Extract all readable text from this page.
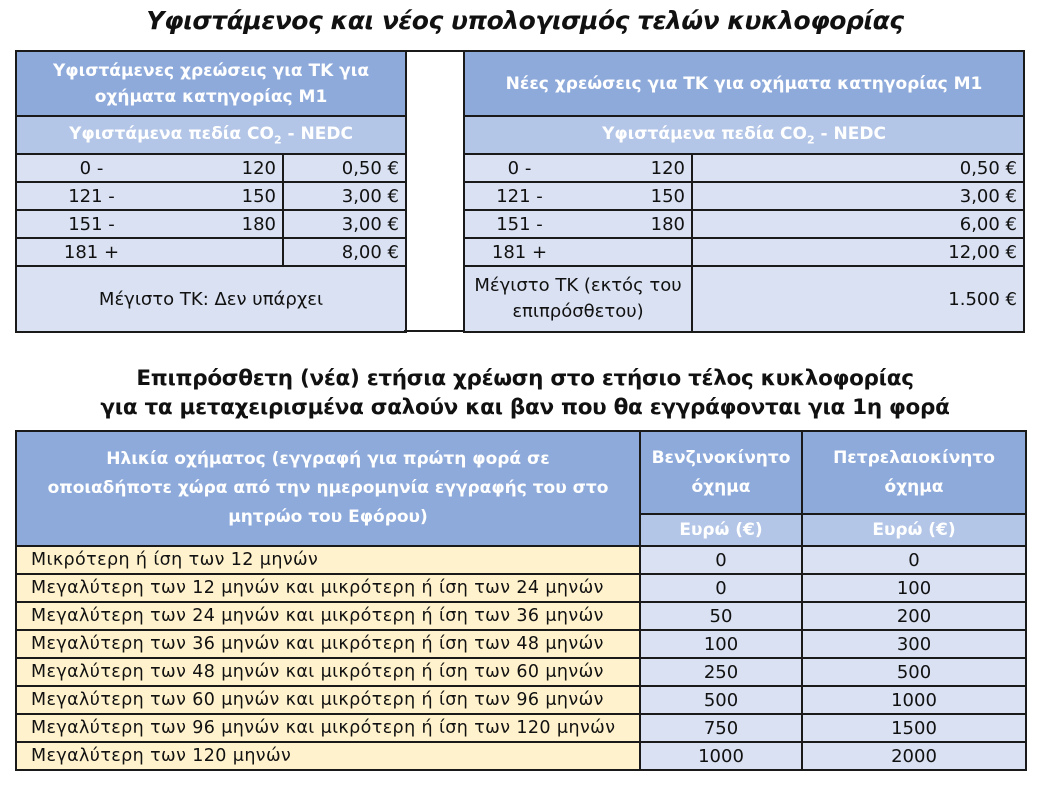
Υφιστάμενος και νέος υπολογισμός τελών κυκλοφορίας
Υφιστάμενες χρεώσεις για ΤΚ για οχήματα κατηγορίας Μ1		
Υφιστάμενα πεδία $CO_2$ - NEDC		
0 -	120	0,50 €
121 -	150	3,00 €
151 -	180	3,00 €
181 +		8,00 €
Μέγιστο ΤΚ: Δεν υπάρχει		
Νέες χρεώσεις για ΤΚ για οχήματα κατηγορίας Μ1		
Υφιστάμενα πεδία $CO_2$ - NEDC		
0 -	120	0,50 €
121 -	150	3,00 €
151 -	180	6,00 €
181 +		12,00 €
Μέγιστο ΤΚ (εκτός του επιπρόσθετου)		1.500 €
Επιπρόσθετη (νέα) ετήσια χρέωση στο ετήσιο τέλος κυκλοφορίας
για τα μεταχειρισμένα σαλούν και βαν που θα εγγράφονται για 1η φορά
Ηλικία οχήματος (εγγραφή για πρώτη φορά σε οποιαδήποτε χώρα από την ημερομηνία εγγραφής του στο μητρώο του Εφόρου)	Βενζινοκίνητο όχημα	Πετρελαιοκίνητο όχημα
	Ευρώ (€)	Ευρώ (€)
Μικρότερη ή ίση των 12 μηνών	0	0
Μεγαλύτερη των 12 μηνών και μικρότερη ή ίση των 24 μηνών	0	100
Μεγαλύτερη των 24 μηνών και μικρότερη ή ίση των 36 μηνών	50	200
Μεγαλύτερη των 36 μηνών και μικρότερη ή ίση των 48 μηνών	100	300
Μεγαλύτερη των 48 μηνών και μικρότερη ή ίση των 60 μηνών	250	500
Μεγαλύτερη των 60 μηνών και μικρότερη ή ίση των 96 μηνών	500	1000
Μεγαλύτερη των 96 μηνών και μικρότερη ή ίση των 120 μηνών	750	1500
Μεγαλύτερη των 120 μηνών	1000	2000
